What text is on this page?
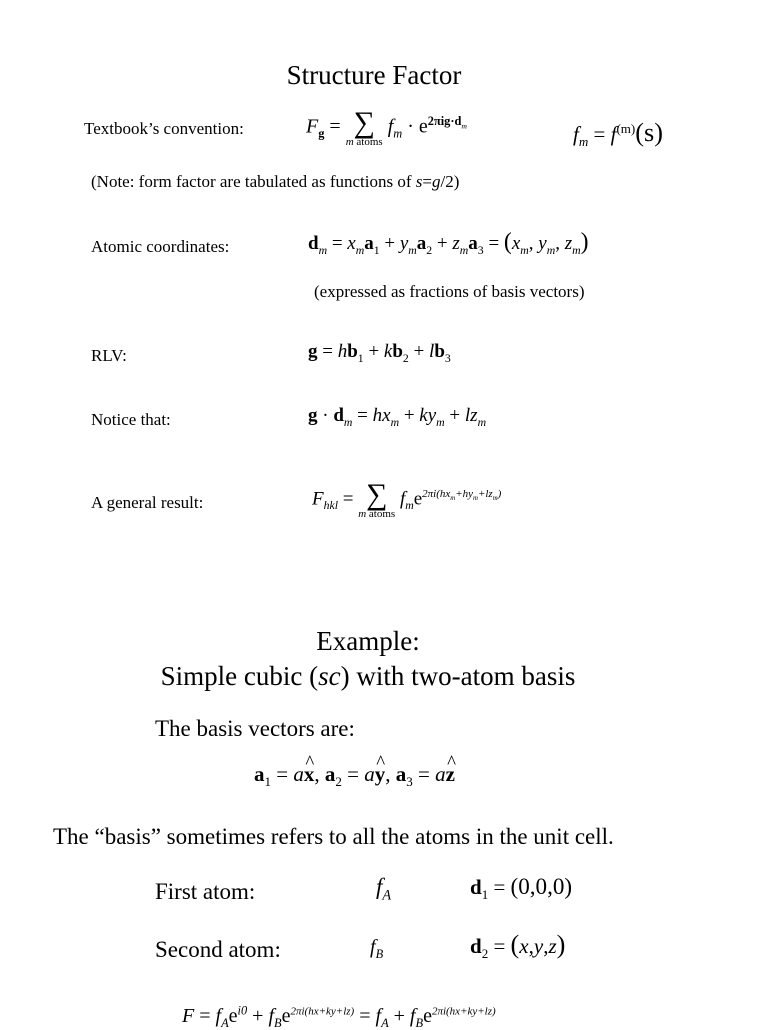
Structure Factor
Textbook’s convention:	$F_g$ = ∑
m atoms
$f_m \cdot e^{2\pi ig\cdot d_m}$	$f_m = f^{(m)}(s)$
(Note: form factor are tabulated as functions of s=g/2)
Atomic coordinates:	$d_m = x_ma_1 + y_ma_2 + z_ma_3 = (x_m$, $y_m$, $z_m$)
(expressed as fractions of basis vectors)
RLV:	$g = hb_1 + kb_2 + lb_3$
Notice that:	$g \cdot d_m = hx_m + ky_m + lz_m$
A general result:	$F_{hkl}$ = ∑
m atoms
$f_me^{2\pi i(hx_m+hy_m+lz_m)}$
Example:
Simple cubic (sc) with two-atom basis
The basis vectors are:
$a_1$ = a^ x, $a_2$ = a^ y, $a_3$ = a^ z
The “basis” sometimes refers to all the atoms in the unit cell.
First atom:	$f_A$	$d_1 = (0,0,0)$
Second atom:	$f_B$	$d_2 = (x,y,z)$
$F = f_Ae^{i0} + f_Be^{2\pi i(hx+ky+lz)} = f_A + f_Be^{2\pi i(hx+ky+lz)}$
